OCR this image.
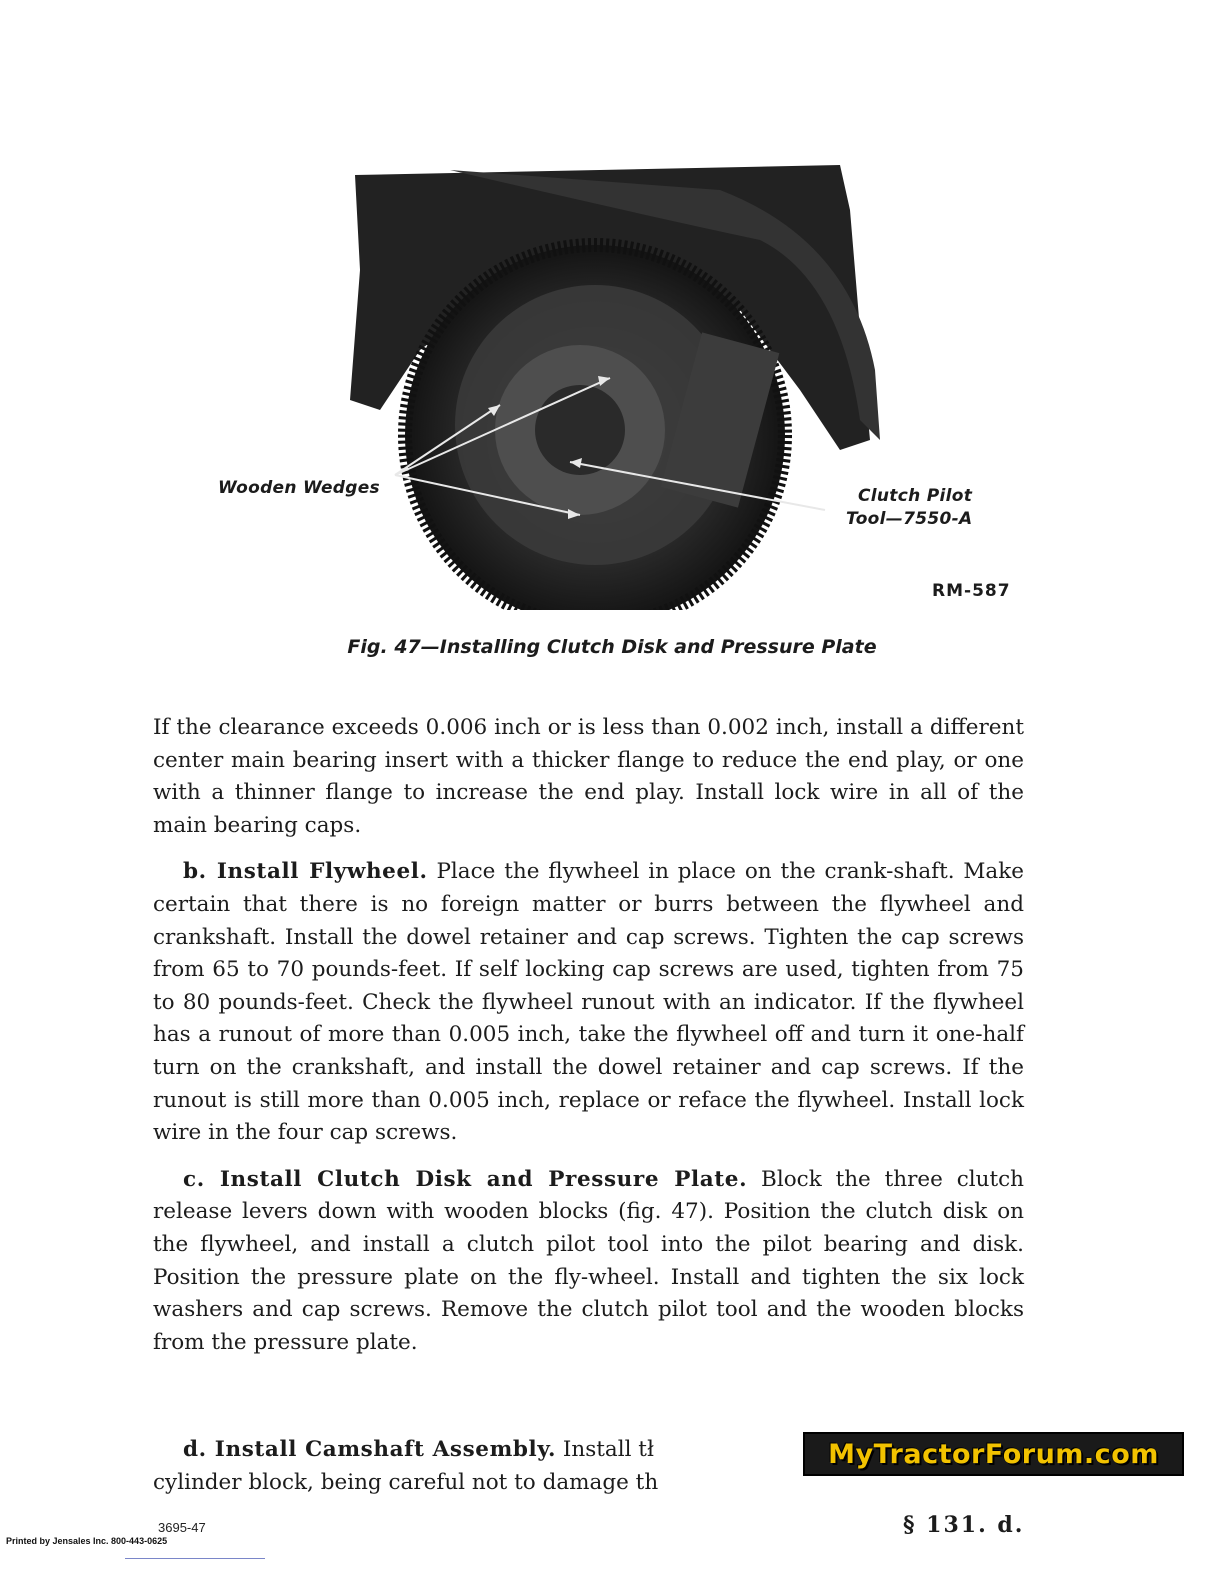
Wooden Wedges	Clutch Pilot
Tool—7550-A
RM-587
Fig. 47—Installing Clutch Disk and Pressure Plate

If the clearance exceeds 0.006 inch or is less than 0.002 inch, install a different center main bearing insert with a thicker flange to reduce the end play, or one with a thinner flange to increase the end play. Install lock wire in all of the main bearing caps.

b. Install Flywheel. Place the flywheel in place on the crank-shaft. Make certain that there is no foreign matter or burrs between the flywheel and crankshaft. Install the dowel retainer and cap screws. Tighten the cap screws from 65 to 70 pounds-feet. If self locking cap screws are used, tighten from 75 to 80 pounds-feet. Check the flywheel runout with an indicator. If the flywheel has a runout of more than 0.005 inch, take the flywheel off and turn it one-half turn on the crankshaft, and install the dowel retainer and cap screws. If the runout is still more than 0.005 inch, replace or reface the flywheel. Install lock wire in the four cap screws.

c. Install Clutch Disk and Pressure Plate. Block the three clutch release levers down with wooden blocks (fig. 47). Position the clutch disk on the flywheel, and install a clutch pilot tool into the pilot bearing and disk. Position the pressure plate on the fly-wheel. Install and tighten the six lock washers and cap screws. Remove the clutch pilot tool and the wooden blocks from the pressure plate.

d. Install Camshaft Assembly. Install tł
cylinder block, being careful not to damage th
MyTractorForum.com
§ 131. d.
3695-47
Printed by Jensales Inc. 800-443-0625
